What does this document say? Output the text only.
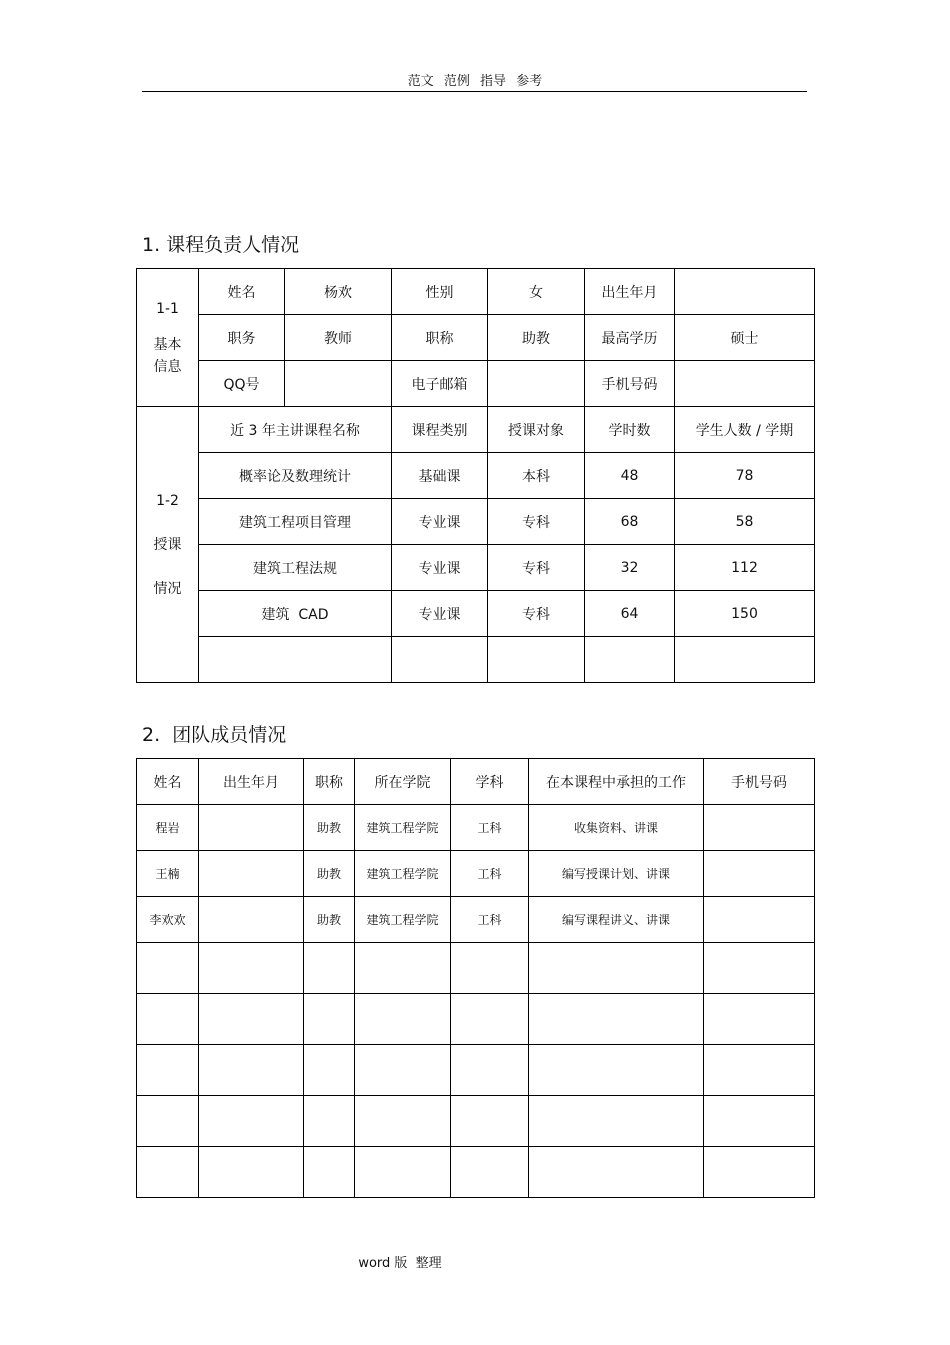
范文 范例 指导 参考
1. 课程负责人情况
1-1
基本
信息	姓名	杨欢	性别	女	出生年月	
	职务	教师	职称	助教	最高学历	硕士
	QQ号		电子邮箱		手机号码	

1-2
授课
情况	近 3 年主讲课程名称		课程类别	授课对象	学时数	学生人数 / 学期
	概率论及数理统计		基础课	本科	48	78
	建筑工程项目管理		专业课	专科	68	58
	建筑工程法规		专业课	专科	32	112
	建筑  CAD		专业课	专科	64	150

2.  团队成员情况
姓名	出生年月	职称	所在学院	学科	在本课程中承担的工作	手机号码
程岩		助教	建筑工程学院	工科	收集资料、讲课	
王楠		助教	建筑工程学院	工科	编写授课计划、讲课	
李欢欢		助教	建筑工程学院	工科	编写课程讲义、讲课	

word 版  整理
